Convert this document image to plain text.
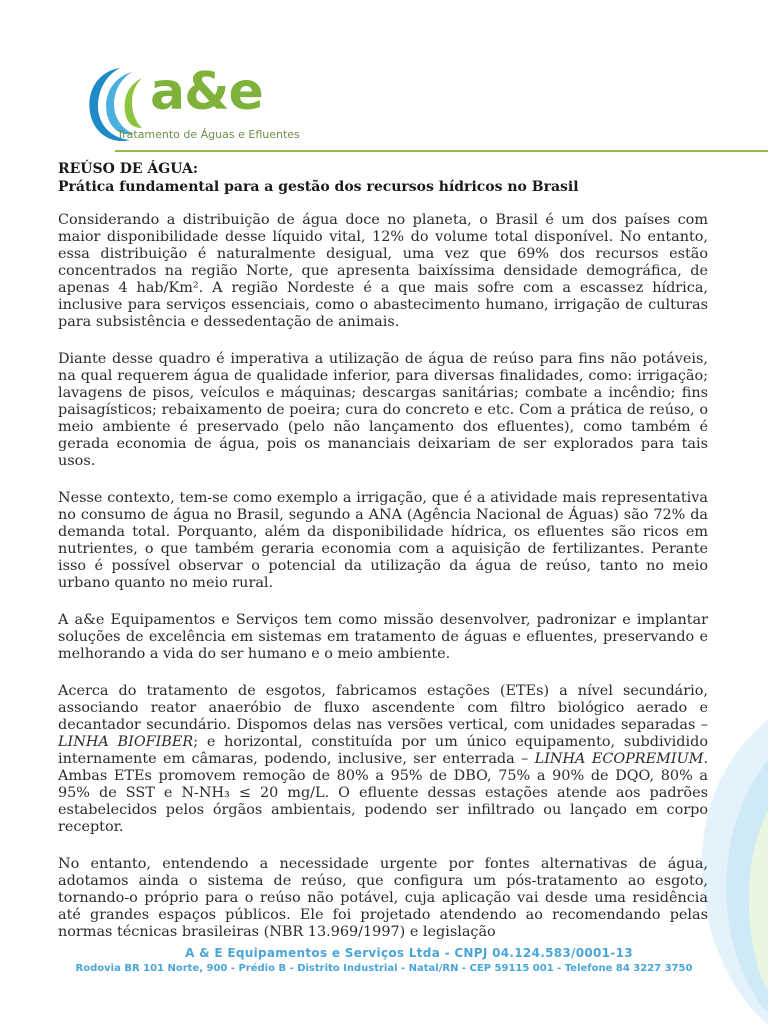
a&e
Tratamento de Águas e Efluentes

REÚSO DE ÁGUA:

Prática fundamental para a gestão dos recursos hídricos no Brasil

Considerando a distribuição de água doce no planeta, o Brasil é um dos países com maior disponibilidade desse líquido vital, 12% do volume total disponível. No entanto, essa distribuição é naturalmente desigual, uma vez que 69% dos recursos estão concentrados na região Norte, que apresenta baixíssima densidade demográfica, de apenas 4 hab/Km². A região Nordeste é a que mais sofre com a escassez hídrica, inclusive para serviços essenciais, como o abastecimento humano, irrigação de culturas para subsistência e dessedentação de animais.

Diante desse quadro é imperativa a utilização de água de reúso para fins não potáveis, na qual requerem água de qualidade inferior, para diversas finalidades, como: irrigação; lavagens de pisos, veículos e máquinas; descargas sanitárias; combate a incêndio; fins paisagísticos; rebaixamento de poeira; cura do concreto e etc. Com a prática de reúso, o meio ambiente é preservado (pelo não lançamento dos efluentes), como também é gerada economia de água, pois os mananciais deixariam de ser explorados para tais usos.

Nesse contexto, tem-se como exemplo a irrigação, que é a atividade mais representativa no consumo de água no Brasil, segundo a ANA (Agência Nacional de Águas) são 72% da demanda total. Porquanto, além da disponibilidade hídrica, os efluentes são ricos em nutrientes, o que também geraria economia com a aquisição de fertilizantes. Perante isso é possível observar o potencial da utilização da água de reúso, tanto no meio urbano quanto no meio rural.

A a&e Equipamentos e Serviços tem como missão desenvolver, padronizar e implantar soluções de excelência em sistemas em tratamento de águas e efluentes, preservando e melhorando a vida do ser humano e o meio ambiente.

Acerca do tratamento de esgotos, fabricamos estações (ETEs) a nível secundário, associando reator anaeróbio de fluxo ascendente com filtro biológico aerado e decantador secundário. Dispomos delas nas versões vertical, com unidades separadas – LINHA BIOFIBER; e horizontal, constituída por um único equipamento, subdividido internamente em câmaras, podendo, inclusive, ser enterrada – LINHA ECOPREMIUM. Ambas ETEs promovem remoção de 80% a 95% de DBO, 75% a 90% de DQO, 80% a 95% de SST e N-NH₃ ≤ 20 mg/L. O efluente dessas estações atende aos padrões estabelecidos pelos órgãos ambientais, podendo ser infiltrado ou lançado em corpo receptor.

No entanto, entendendo a necessidade urgente por fontes alternativas de água, adotamos ainda o sistema de reúso, que configura um pós-tratamento ao esgoto, tornando-o próprio para o reúso não potável, cuja aplicação vai desde uma residência até grandes espaços públicos. Ele foi projetado atendendo ao recomendando pelas normas técnicas brasileiras (NBR 13.969/1997) e legislação

A & E Equipamentos e Serviços Ltda - CNPJ 04.124.583/0001-13
Rodovia BR 101 Norte, 900 - Prédio B - Distrito Industrial - Natal/RN - CEP 59115 001 - Telefone 84 3227 3750
